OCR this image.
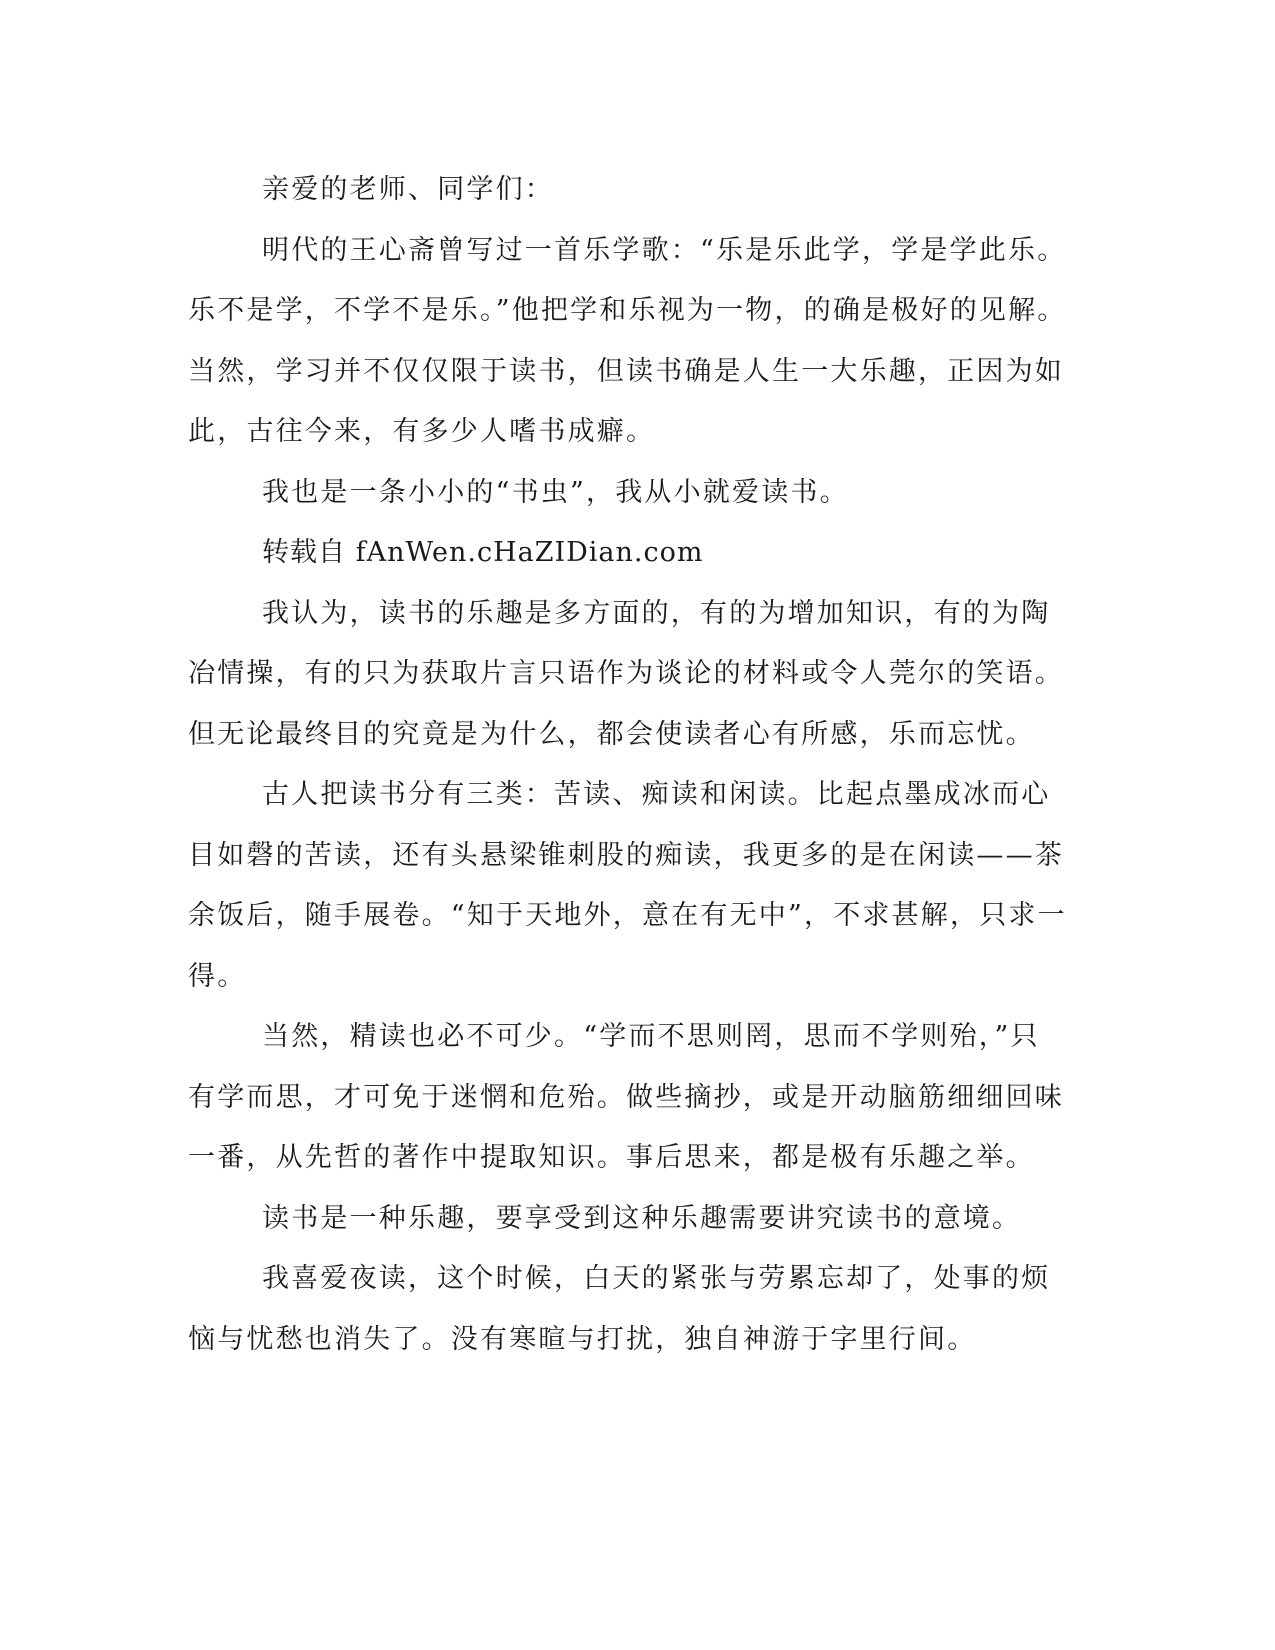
亲爱的老师、同学们：

明代的王心斋曾写过一首乐学歌：“乐是乐此学，学是学此乐。乐不是学，不学不是乐。”他把学和乐视为一物，的确是极好的见解。当然，学习并不仅仅限于读书，但读书确是人生一大乐趣，正因为如此，古往今来，有多少人嗜书成癖。

我也是一条小小的“书虫”，我从小就爱读书。

转载自 fAnWen.cHaZIDian.com

我认为，读书的乐趣是多方面的，有的为增加知识，有的为陶冶情操，有的只为获取片言只语作为谈论的材料或令人莞尔的笑语。但无论最终目的究竟是为什么，都会使读者心有所感，乐而忘忧。

古人把读书分有三类：苦读、痴读和闲读。比起点墨成冰而心目如磬的苦读，还有头悬梁锥刺股的痴读，我更多的是在闲读——茶余饭后，随手展卷。“知于天地外，意在有无中”，不求甚解，只求一得。

当然，精读也必不可少。“学而不思则罔，思而不学则殆，”只有学而思，才可免于迷惘和危殆。做些摘抄，或是开动脑筋细细回味一番，从先哲的著作中提取知识。事后思来，都是极有乐趣之举。

读书是一种乐趣，要享受到这种乐趣需要讲究读书的意境。

我喜爱夜读，这个时候，白天的紧张与劳累忘却了，处事的烦恼与忧愁也消失了。没有寒暄与打扰，独自神游于字里行间。
